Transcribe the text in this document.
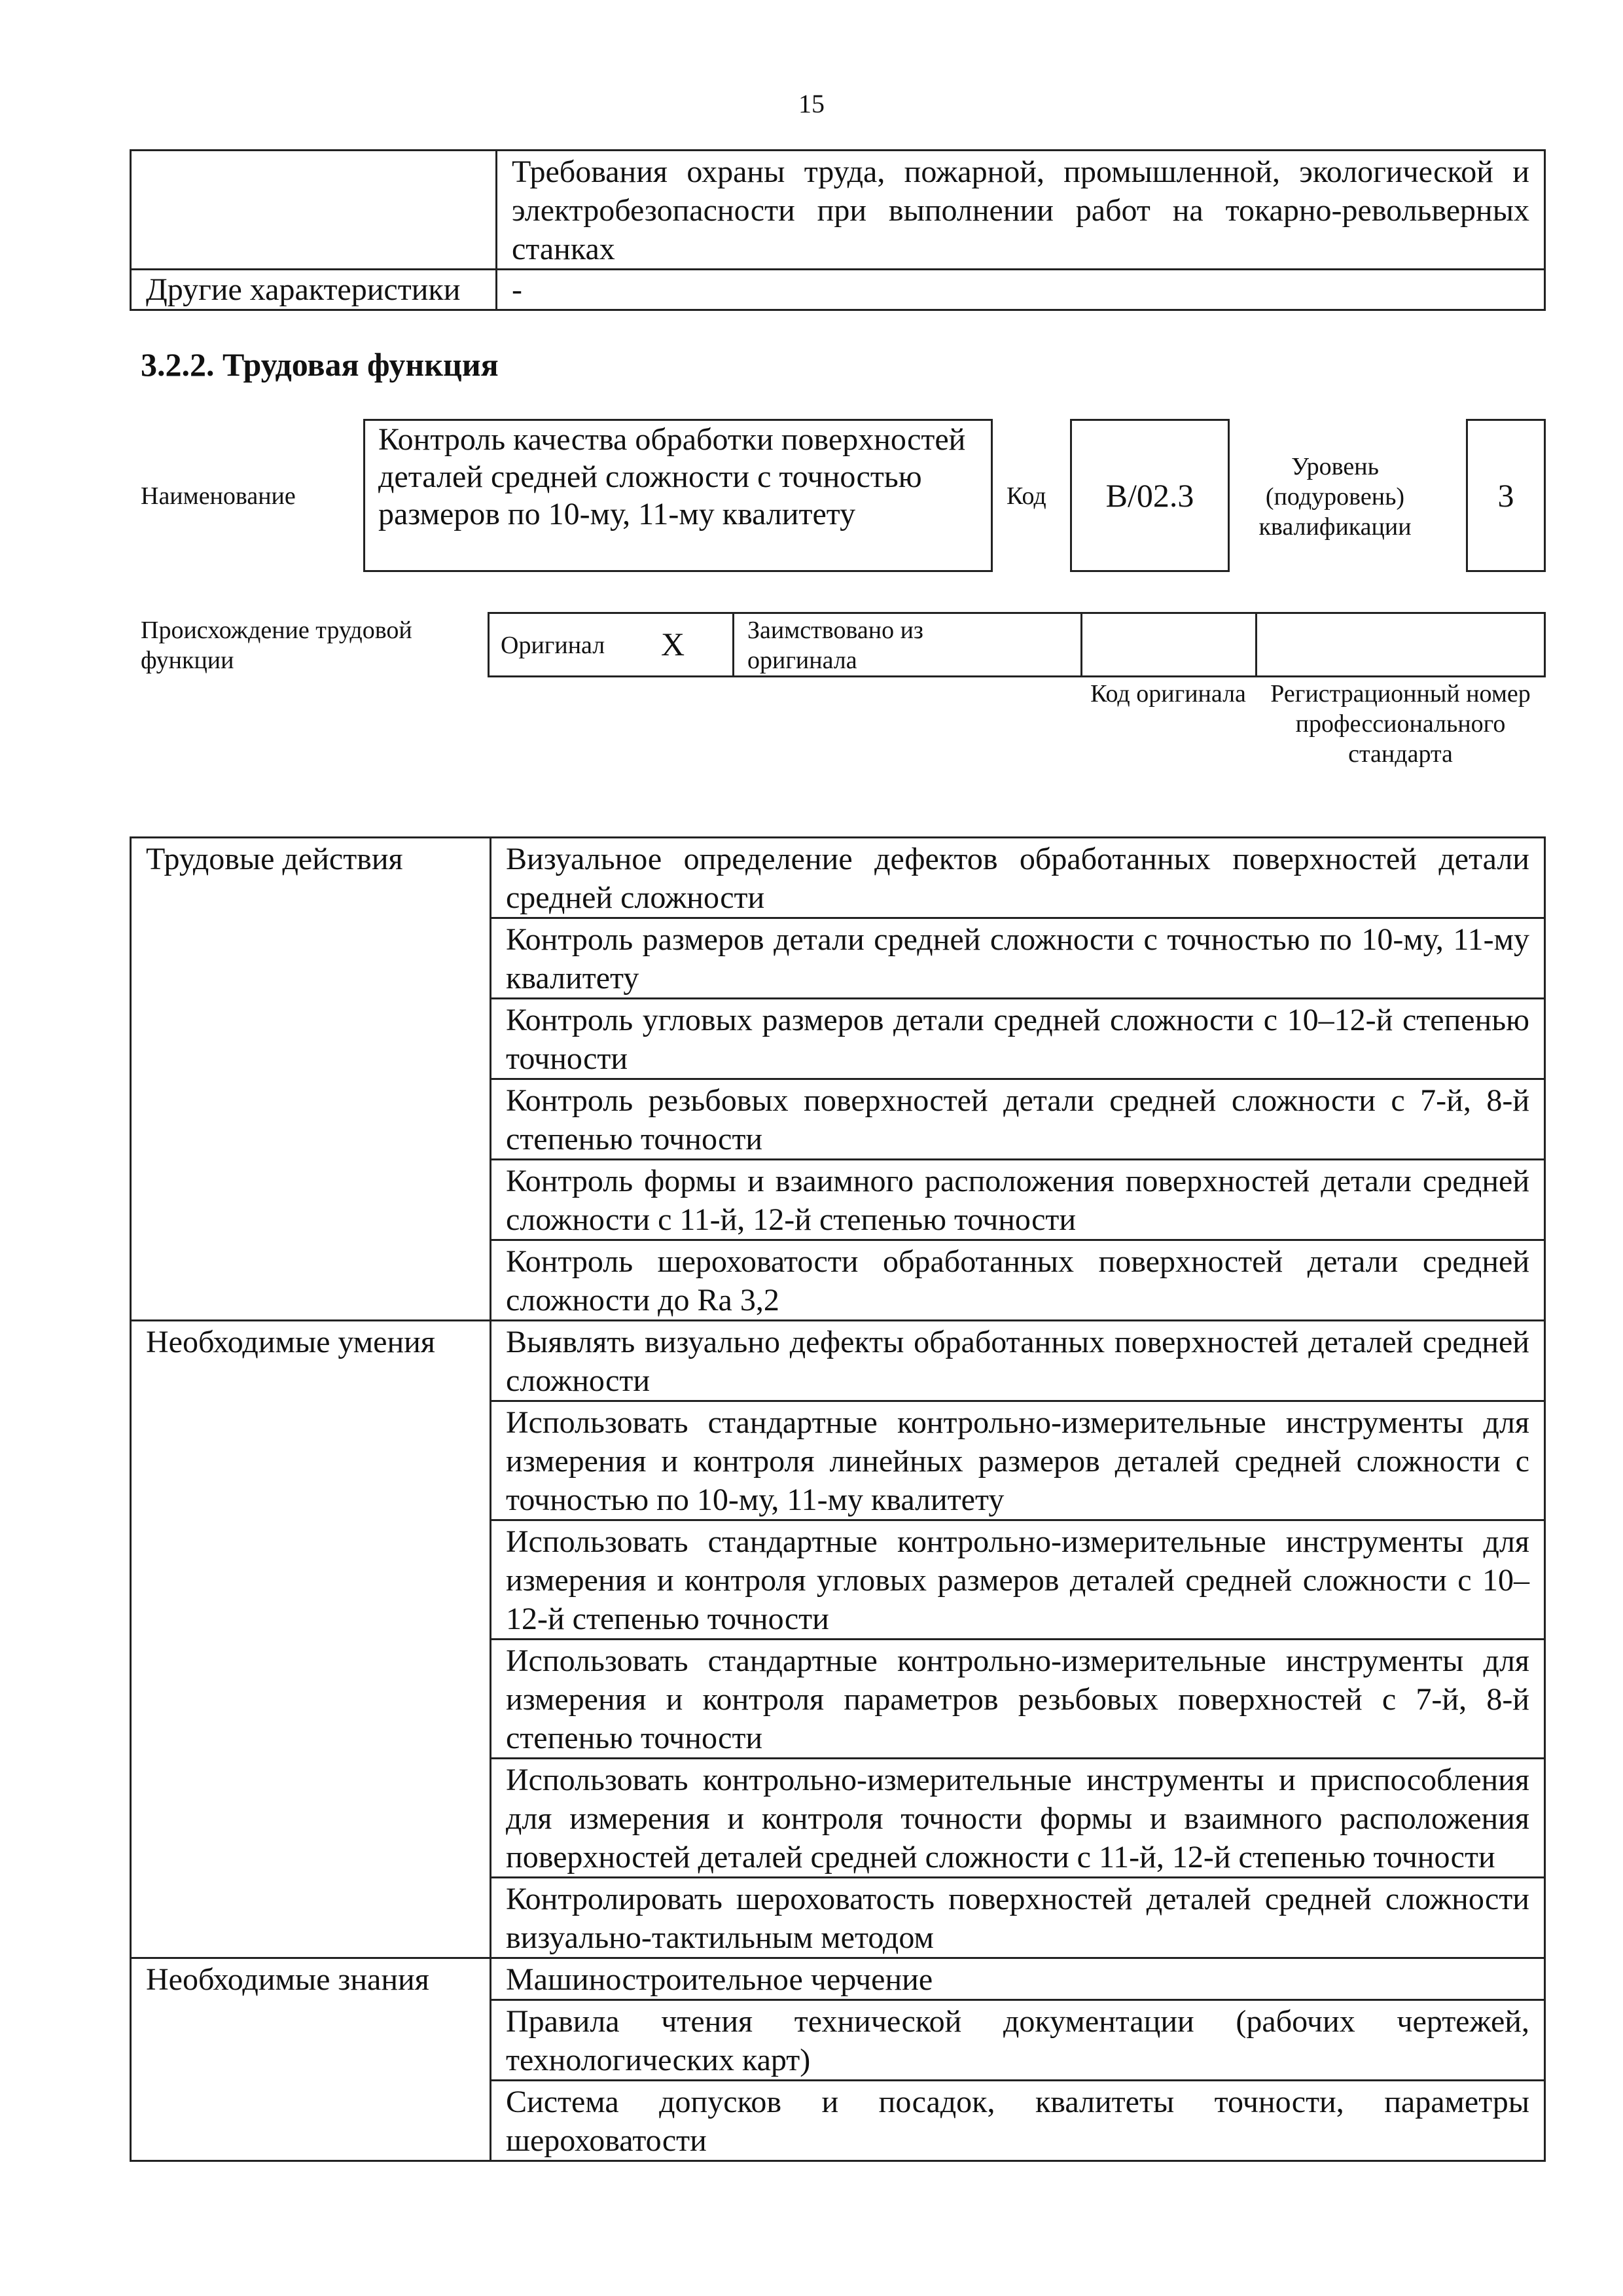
15
	Требования охраны труда, пожарной, промышленной, экологической и электробезопасности при выполнении работ на токарно-револьверных станках
Другие характеристики	-
3.2.2. Трудовая функция
Наименование
Контроль качества обработки поверхностей деталей средней сложности с точностью размеров по 10-му, 11-му квалитету
Код В/02.3
Уровень (подуровень) квалификации
3
Происхождение трудовой функции
Оригинал X	Заимствовано из оригинала
Код оригинала Регистрационный номер профессионального стандарта
Трудовые действия	Визуальное определение дефектов обработанных поверхностей детали средней сложности
	Контроль размеров детали средней сложности с точностью по 10-му, 11-му квалитету
	Контроль угловых размеров детали средней сложности с 10–12-й степенью точности
	Контроль резьбовых поверхностей детали средней сложности с 7-й, 8-й степенью точности
	Контроль формы и взаимного расположения поверхностей детали средней сложности с 11-й, 12-й степенью точности
	Контроль шероховатости обработанных поверхностей детали средней сложности до Ra 3,2
Необходимые умения	Выявлять визуально дефекты обработанных поверхностей деталей средней сложности
	Использовать стандартные контрольно-измерительные инструменты для измерения и контроля линейных размеров деталей средней сложности с точностью по 10-му, 11-му квалитету
	Использовать стандартные контрольно-измерительные инструменты для измерения и контроля угловых размеров деталей средней сложности с 10–12-й степенью точности
	Использовать стандартные контрольно-измерительные инструменты для измерения и контроля параметров резьбовых поверхностей с 7-й, 8-й степенью точности
	Использовать контрольно-измерительные инструменты и приспособления для измерения и контроля точности формы и взаимного расположения поверхностей деталей средней сложности с 11-й, 12-й степенью точности
	Контролировать шероховатость поверхностей деталей средней сложности визуально-тактильным методом
Необходимые знания	Машиностроительное черчение
	Правила чтения технической документации (рабочих чертежей, технологических карт)
	Система допусков и посадок, квалитеты точности, параметры шероховатости
